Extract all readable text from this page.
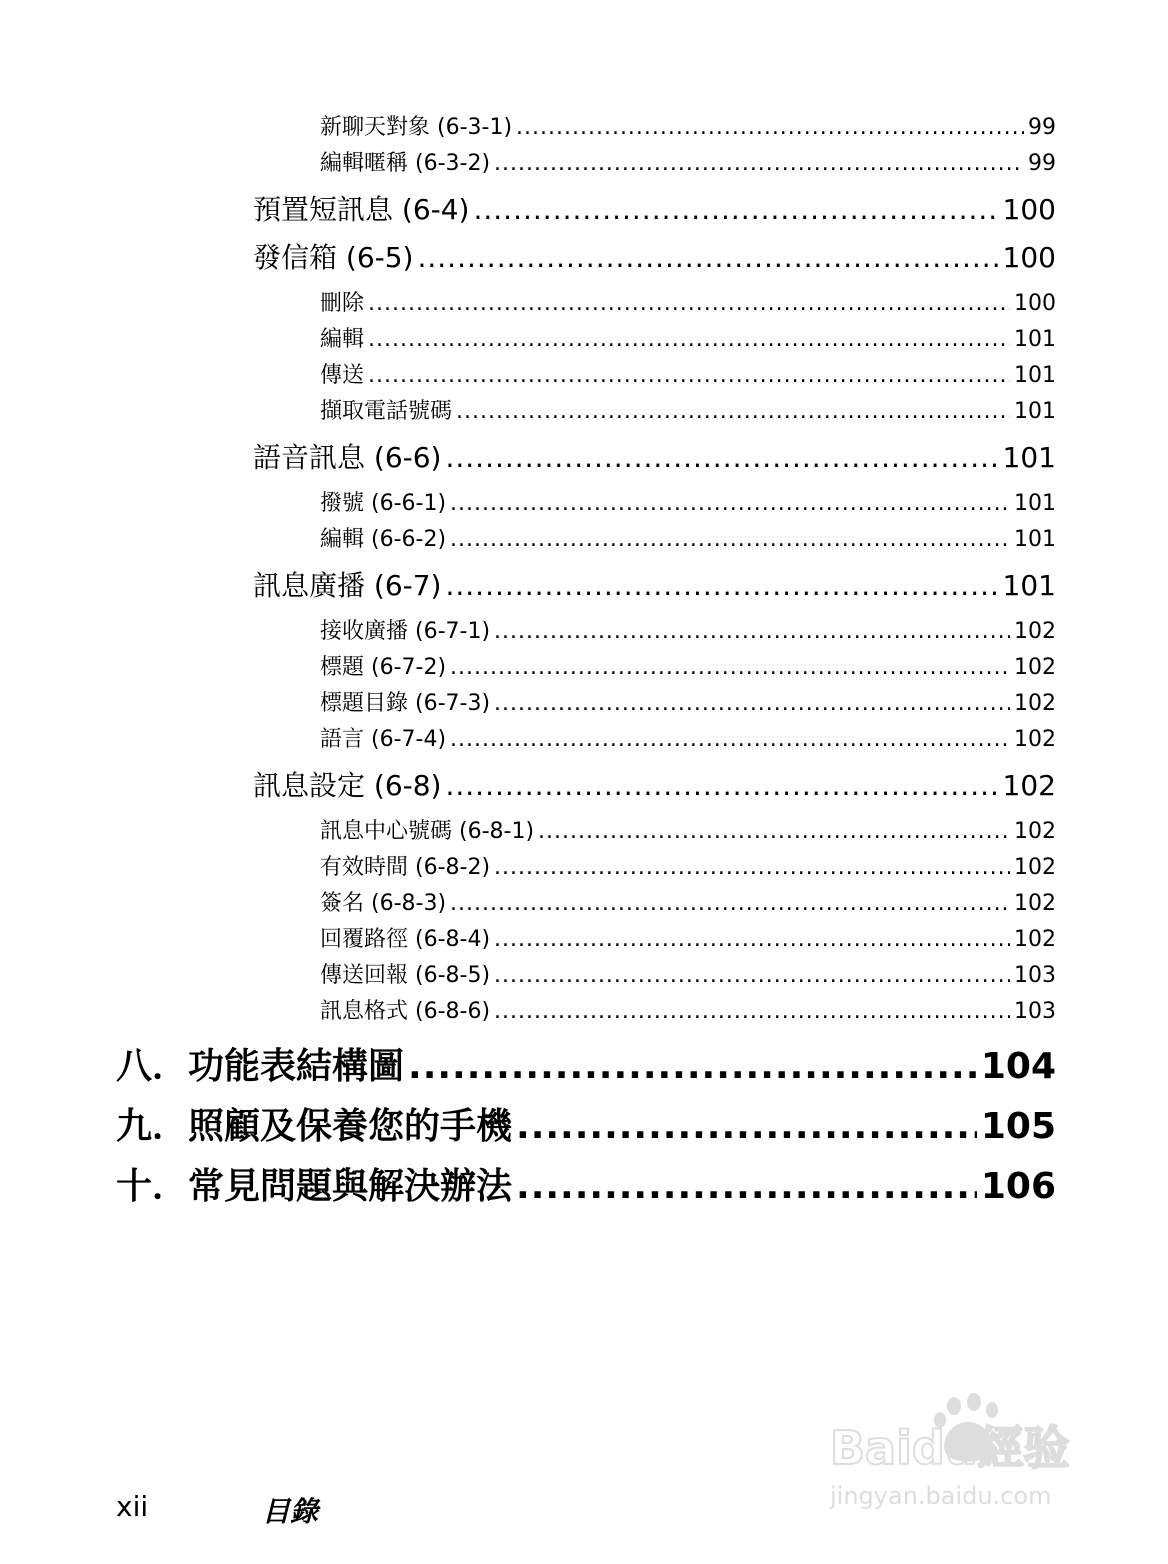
新聊天對象 (6-3-1) .....	99
編輯暱稱 (6-3-2) .....	99
預置短訊息 (6-4) .....	100
發信箱 (6-5) .....	100
刪除 .....	100
編輯 .....	101
傳送 .....	101
擷取電話號碼 .....	101
語音訊息 (6-6) .....	101
撥號 (6-6-1) .....	101
編輯 (6-6-2) .....	101
訊息廣播 (6-7) .....	101
接收廣播 (6-7-1) .....	102
標題 (6-7-2) .....	102
標題目錄 (6-7-3) .....	102
語言 (6-7-4) .....	102
訊息設定 (6-8) .....	102
訊息中心號碼 (6-8-1) .....	102
有效時間 (6-8-2) .....	102
簽名 (6-8-3) .....	102
回覆路徑 (6-8-4) .....	102
傳送回報 (6-8-5) .....	103
訊息格式 (6-8-6) .....	103
八．功能表結構圖 .....	104
九．照顧及保養您的手機 .....	105
十．常見問題與解決辦法 .....	106
xii	目錄
Baidu經验
jingyan.baidu.com
